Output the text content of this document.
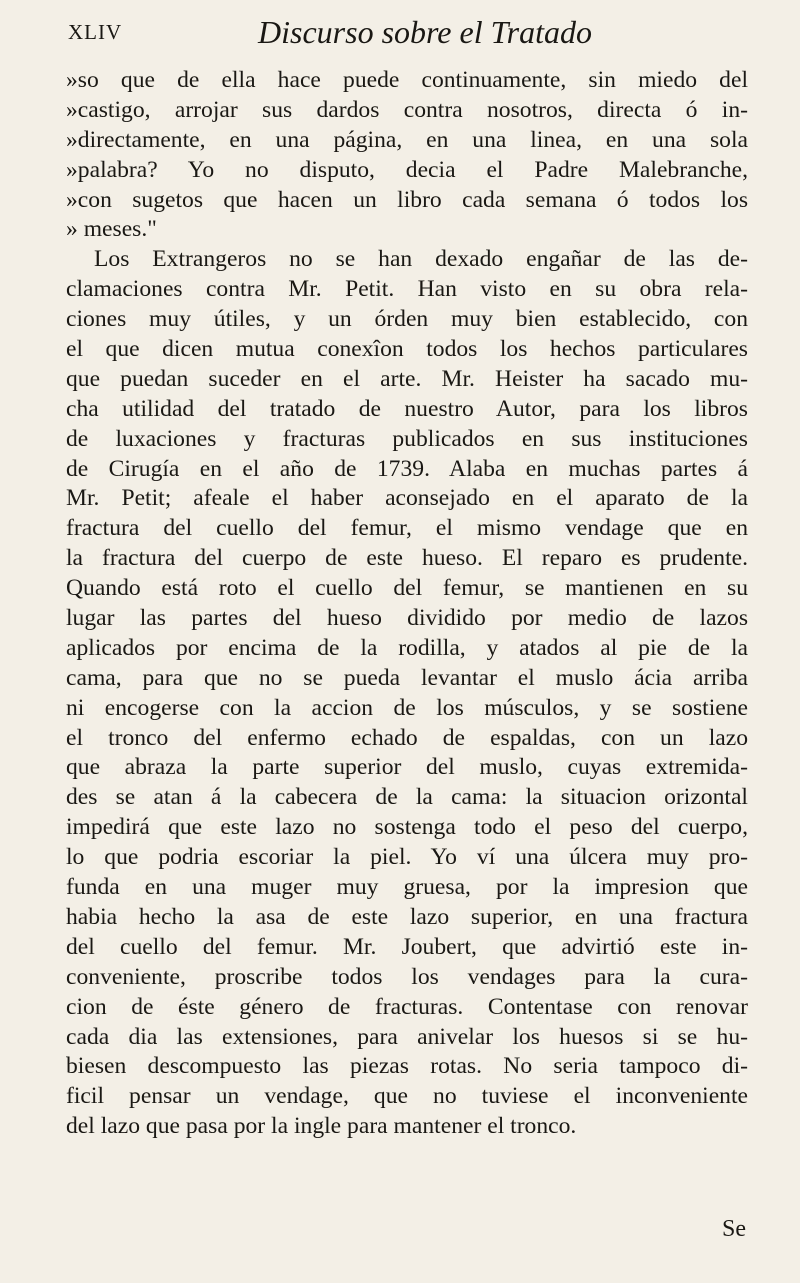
XLIV	Discurso sobre el Tratado
»so que de ella hace puede continuamente, sin miedo del
»castigo, arrojar sus dardos contra nosotros, directa ó in-
»directamente, en una página, en una linea, en una sola
»palabra? Yo no disputo, decia el Padre Malebranche,
»con sugetos que hacen un libro cada semana ó todos los
» meses."
Los Extrangeros no se han dexado engañar de las de-
clamaciones contra Mr. Petit. Han visto en su obra rela-
ciones muy útiles, y un órden muy bien establecido, con
el que dicen mutua conexîon todos los hechos particulares
que puedan suceder en el arte. Mr. Heister ha sacado mu-
cha utilidad del tratado de nuestro Autor, para los libros
de luxaciones y fracturas publicados en sus instituciones
de Cirugía en el año de 1739. Alaba en muchas partes á
Mr. Petit; afeale el haber aconsejado en el aparato de la
fractura del cuello del femur, el mismo vendage que en
la fractura del cuerpo de este hueso. El reparo es prudente.
Quando está roto el cuello del femur, se mantienen en su
lugar las partes del hueso dividido por medio de lazos
aplicados por encima de la rodilla, y atados al pie de la
cama, para que no se pueda levantar el muslo ácia arriba
ni encogerse con la accion de los músculos, y se sostiene
el tronco del enfermo echado de espaldas, con un lazo
que abraza la parte superior del muslo, cuyas extremida-
des se atan á la cabecera de la cama: la situacion orizontal
impedirá que este lazo no sostenga todo el peso del cuerpo,
lo que podria escoriar la piel. Yo ví una úlcera muy pro-
funda en una muger muy gruesa, por la impresion que
habia hecho la asa de este lazo superior, en una fractura
del cuello del femur. Mr. Joubert, que advirtió este in-
conveniente, proscribe todos los vendages para la cura-
cion de éste género de fracturas. Contentase con renovar
cada dia las extensiones, para anivelar los huesos si se hu-
biesen descompuesto las piezas rotas. No seria tampoco di-
ficil pensar un vendage, que no tuviese el inconveniente
del lazo que pasa por la ingle para mantener el tronco.
Se
